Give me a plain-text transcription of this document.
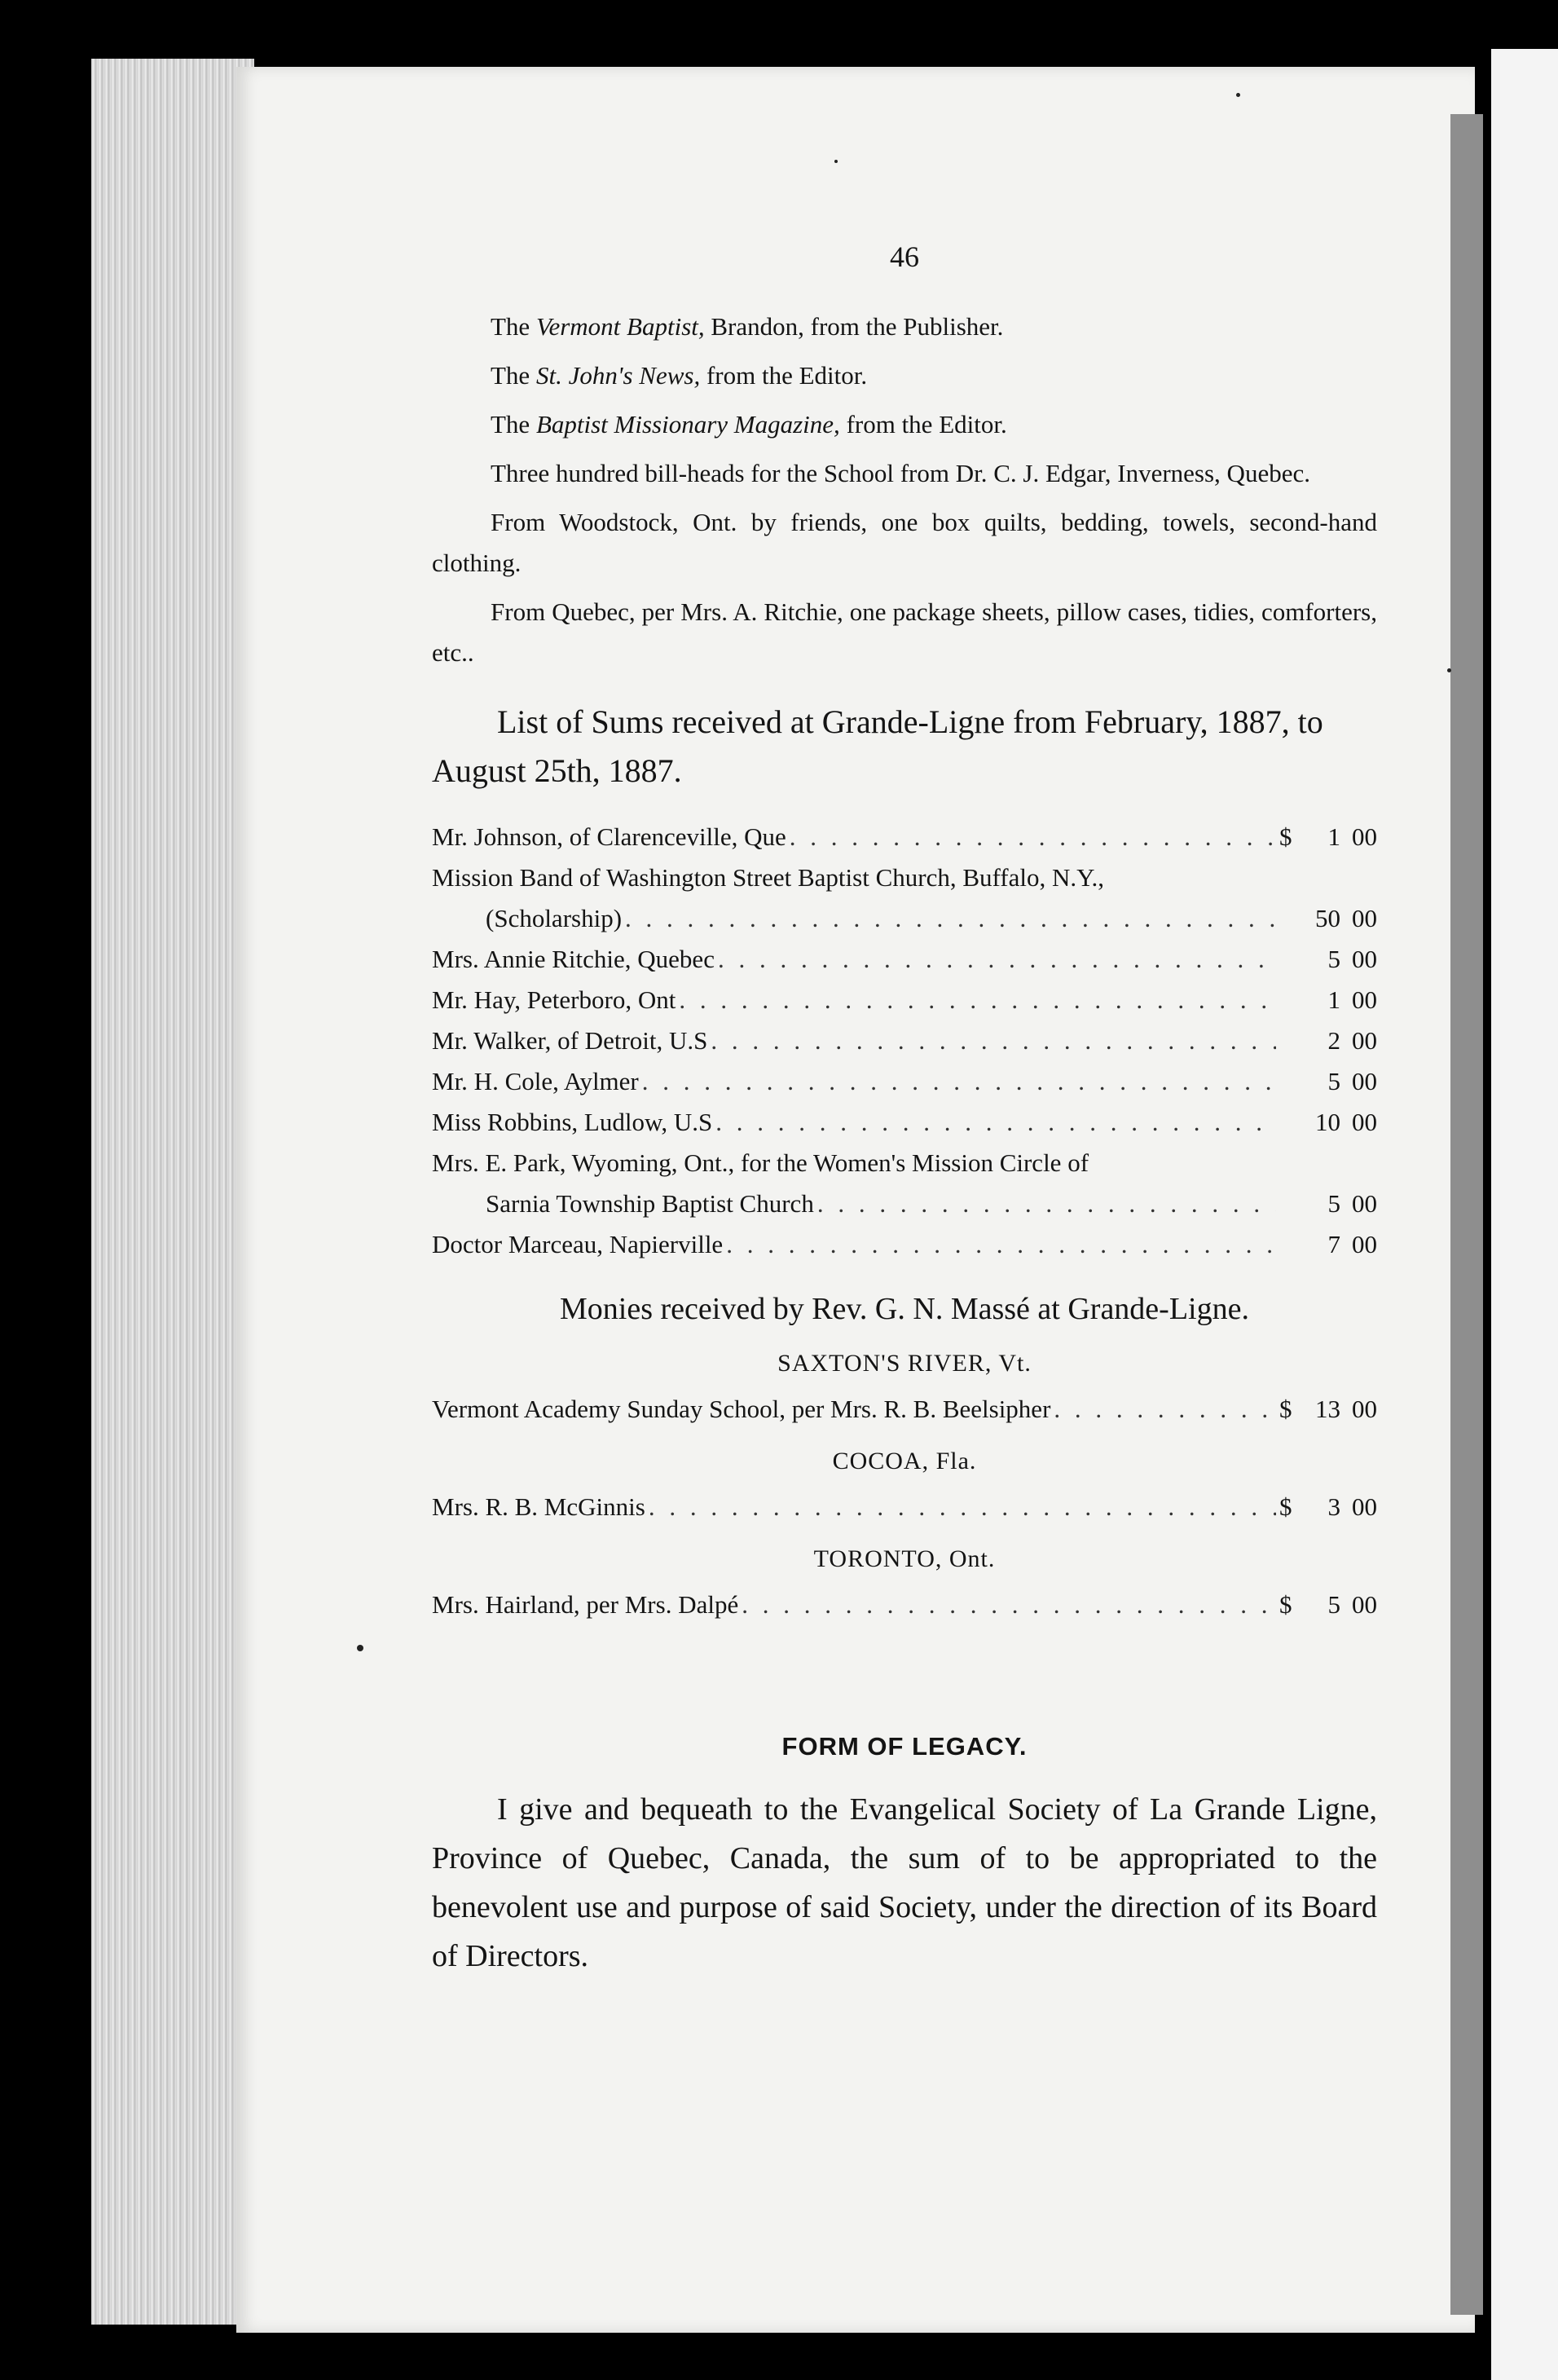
46
The Vermont Baptist, Brandon, from the Publisher.
The St. John's News, from the Editor.
The Baptist Missionary Magazine, from the Editor.
Three hundred bill-heads for the School from Dr. C. J. Edgar, Inverness, Quebec.
From Woodstock, Ont. by friends, one box quilts, bedding, towels, second-hand clothing.
From Quebec, per Mrs. A. Ritchie, one package sheets, pillow cases, tidies, comforters, etc..
List of Sums received at Grande-Ligne from February, 1887, to August 25th, 1887.
Mr. Johnson, of Clarenceville, Que . . .	$	1 00
Mission Band of Washington Street Baptist Church, Buffalo, N.Y.,
(Scholarship) . . .	50 00
Mrs. Annie Ritchie, Quebec . . .	5 00
Mr. Hay, Peterboro, Ont . . .	1 00
Mr. Walker, of Detroit, U.S . . .	2 00
Mr. H. Cole, Aylmer . . .	5 00
Miss Robbins, Ludlow, U.S . . .	10 00
Mrs. E. Park, Wyoming, Ont., for the Women's Mission Circle of
Sarnia Township Baptist Church . . .	5 00
Doctor Marceau, Napierville . . .	7 00
Monies received by Rev. G. N. Massé at Grande-Ligne.
SAXTON'S RIVER, Vt.
Vermont Academy Sunday School, per Mrs. R. B. Beelsipher . . .	$ 13 00
COCOA, Fla.
Mrs. R. B. McGinnis . . .	$	3 00
TORONTO, Ont.
Mrs. Hairland, per Mrs. Dalpé . . .	$	5 00
FORM OF LEGACY.
I give and bequeath to the Evangelical Society of La Grande Ligne, Province of Quebec, Canada, the sum of to be appropriated to the benevolent use and purpose of said Society, under the direction of its Board of Directors.
